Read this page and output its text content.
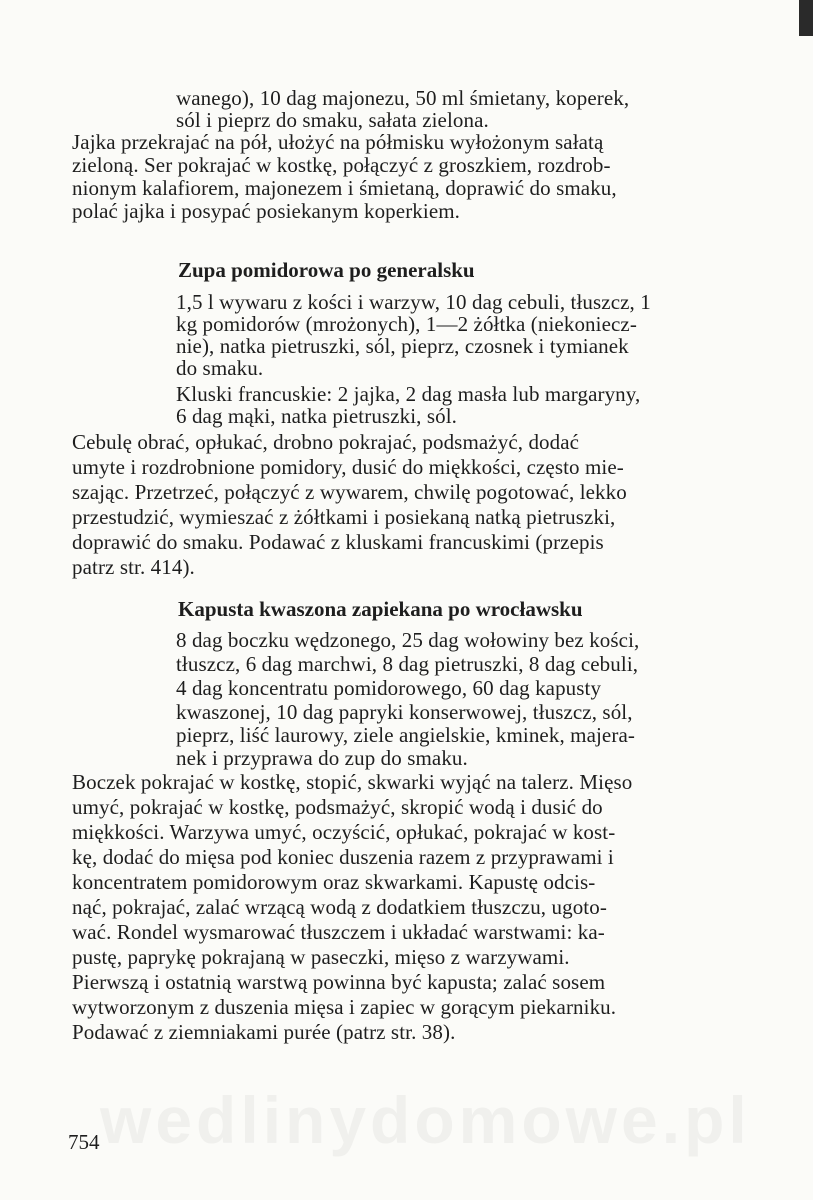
wedlinydomowe.pl
wanego), 10 dag majonezu, 50 ml śmietany, koperek,
sól i pieprz do smaku, sałata zielona.
Jajka przekrajać na pół, ułożyć na półmisku wyłożonym sałatą
zieloną. Ser pokrajać w kostkę, połączyć z groszkiem, rozdrob-
nionym kalafiorem, majonezem i śmietaną, doprawić do smaku,
polać jajka i posypać posiekanym koperkiem.
Zupa pomidorowa po generalsku
1,5 l wywaru z kości i warzyw, 10 dag cebuli, tłuszcz, 1
kg pomidorów (mrożonych), 1—2 żółtka (niekoniecz-
nie), natka pietruszki, sól, pieprz, czosnek i tymianek
do smaku.
Kluski francuskie: 2 jajka, 2 dag masła lub margaryny,
6 dag mąki, natka pietruszki, sól.
Cebulę obrać, opłukać, drobno pokrajać, podsmażyć, dodać
umyte i rozdrobnione pomidory, dusić do miękkości, często mie-
szając. Przetrzeć, połączyć z wywarem, chwilę pogotować, lekko
przestudzić, wymieszać z żółtkami i posiekaną natką pietruszki,
doprawić do smaku. Podawać z kluskami francuskimi (przepis
patrz str. 414).
Kapusta kwaszona zapiekana po wrocławsku
8 dag boczku wędzonego, 25 dag wołowiny bez kości,
tłuszcz, 6 dag marchwi, 8 dag pietruszki, 8 dag cebuli,
4 dag koncentratu pomidorowego, 60 dag kapusty
kwaszonej, 10 dag papryki konserwowej, tłuszcz, sól,
pieprz, liść laurowy, ziele angielskie, kminek, majera-
nek i przyprawa do zup do smaku.
Boczek pokrajać w kostkę, stopić, skwarki wyjąć na talerz. Mięso
umyć, pokrajać w kostkę, podsmażyć, skropić wodą i dusić do
miękkości. Warzywa umyć, oczyścić, opłukać, pokrajać w kost-
kę, dodać do mięsa pod koniec duszenia razem z przyprawami i
koncentratem pomidorowym oraz skwarkami. Kapustę odcis-
nąć, pokrajać, zalać wrzącą wodą z dodatkiem tłuszczu, ugoto-
wać. Rondel wysmarować tłuszczem i układać warstwami: ka-
pustę, paprykę pokrajaną w paseczki, mięso z warzywami.
Pierwszą i ostatnią warstwą powinna być kapusta; zalać sosem
wytworzonym z duszenia mięsa i zapiec w gorącym piekarniku.
Podawać z ziemniakami purée (patrz str. 38).
754
